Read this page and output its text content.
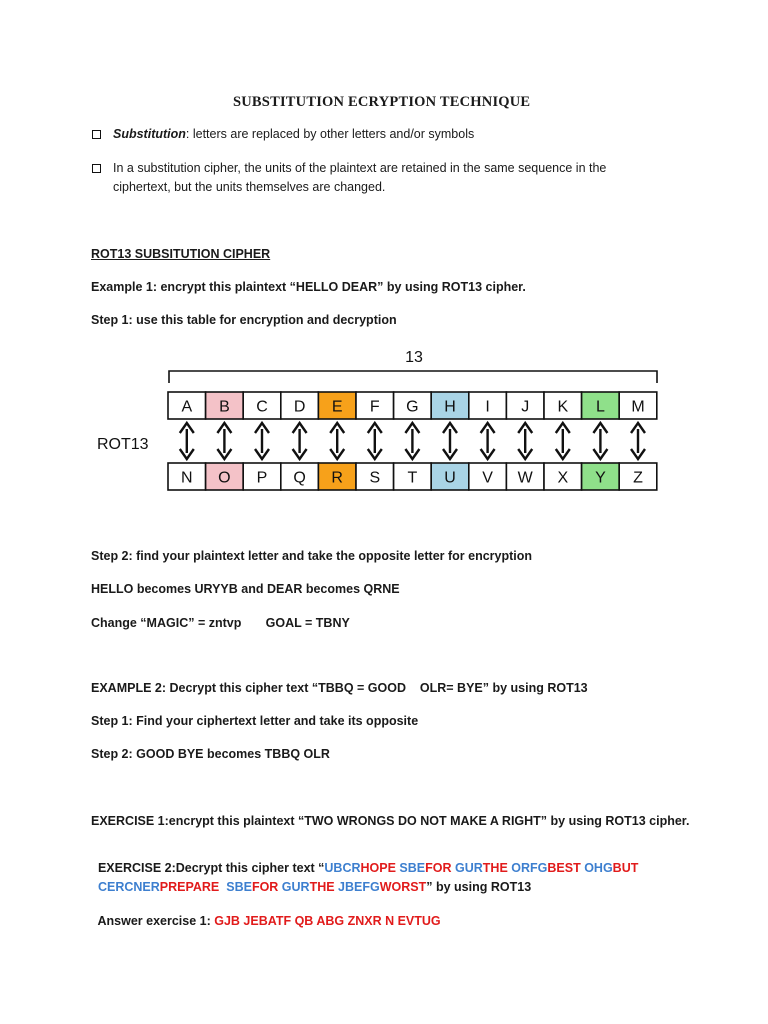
SUBSTITUTION ECRYPTION TECHNIQUE
Substitution: letters are replaced by other letters and/or symbols
In a substitution cipher, the units of the plaintext are retained in the same sequence in the
ciphertext, but the units themselves are changed.
ROT13 SUBSITUTION CIPHER
Example 1: encrypt this plaintext “HELLO DEAR” by using ROT13 cipher.
Step 1: use this table for encryption and decryption
13
ROT13
A B C D E F G H I J K L M
N O P Q R S T U V W X Y Z
Step 2: find your plaintext letter and take the opposite letter for encryption
HELLO becomes URYYB and DEAR becomes QRNE
Change “MAGIC” = zntvp       GOAL = TBNY
EXAMPLE 2: Decrypt this cipher text “TBBQ = GOOD    OLR= BYE” by using ROT13
Step 1: Find your ciphertext letter and take its opposite
Step 2: GOOD BYE becomes TBBQ OLR
EXERCISE 1:encrypt this plaintext “TWO WRONGS DO NOT MAKE A RIGHT” by using ROT13 cipher.

EXERCISE 2:Decrypt this cipher text “UBCRHOPE SBEFOR GURTHE ORFGBEST OHGBUT

CERCNERPREPARE  SBEFOR GURTHE JBEFGWORST” by using ROT13

Answer exercise 1: GJB JEBATF QB ABG ZNXR N EVTUG
